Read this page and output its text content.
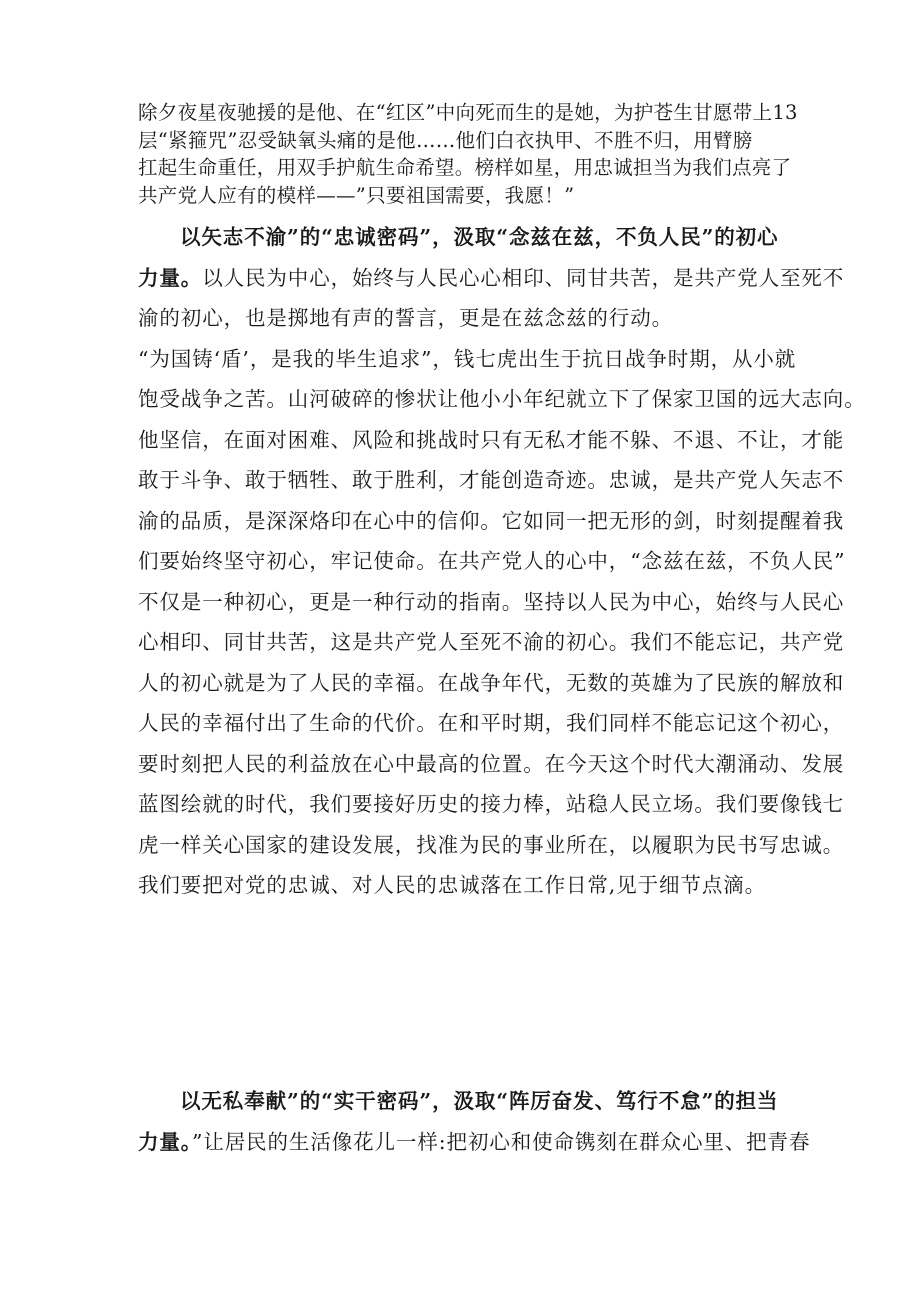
除夕夜星夜驰援的是他、在“红区”中向死而生的是她，为护苍生甘愿带上13
层“紧箍咒”忍受缺氧头痛的是他……他们白衣执甲、不胜不归，用臂膀
扛起生命重任，用双手护航生命希望。榜样如星，用忠诚担当为我们点亮了
共产党人应有的模样——”只要祖国需要，我愿！”
以矢志不渝”的“忠诚密码”，汲取“念兹在兹，不负人民”的初心
力量。以人民为中心，始终与人民心心相印、同甘共苦，是共产党人至死不
渝的初心，也是掷地有声的誓言，更是在兹念兹的行动。
“为国铸‘盾’，是我的毕生追求”，钱七虎出生于抗日战争时期，从小就
饱受战争之苦。山河破碎的惨状让他小小年纪就立下了保家卫国的远大志向。
他坚信，在面对困难、风险和挑战时只有无私才能不躲、不退、不让，才能
敢于斗争、敢于牺牲、敢于胜利，才能创造奇迹。忠诚，是共产党人矢志不
渝的品质，是深深烙印在心中的信仰。它如同一把无形的剑，时刻提醒着我
们要始终坚守初心，牢记使命。在共产党人的心中，“念兹在兹，不负人民”
不仅是一种初心，更是一种行动的指南。坚持以人民为中心，始终与人民心
心相印、同甘共苦，这是共产党人至死不渝的初心。我们不能忘记，共产党
人的初心就是为了人民的幸福。在战争年代，无数的英雄为了民族的解放和
人民的幸福付出了生命的代价。在和平时期，我们同样不能忘记这个初心，
要时刻把人民的利益放在心中最高的位置。在今天这个时代大潮涌动、发展
蓝图绘就的时代，我们要接好历史的接力棒，站稳人民立场。我们要像钱七
虎一样关心国家的建设发展，找准为民的事业所在，以履职为民书写忠诚。
我们要把对党的忠诚、对人民的忠诚落在工作日常,见于细节点滴。
以无私奉献”的“实干密码”，汲取“阵厉奋发、笃行不怠”的担当
力量。”让居民的生活像花儿一样:把初心和使命镌刻在群众心里、把青春
